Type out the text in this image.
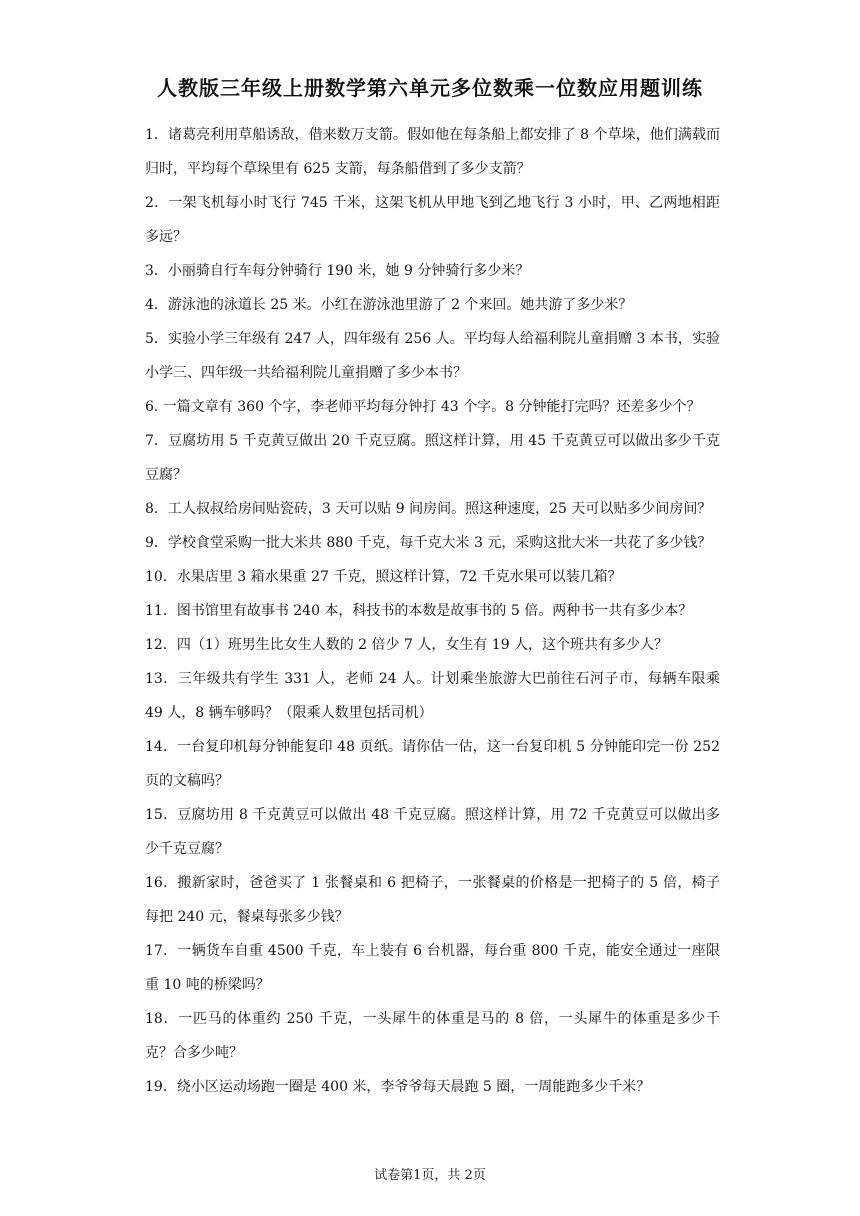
人教版三年级上册数学第六单元多位数乘一位数应用题训练

1．诸葛亮利用草船诱敌，借来数万支箭。假如他在每条船上都安排了 8 个草垛，他们满载而归时，平均每个草垛里有 625 支箭，每条船借到了多少支箭？

2．一架飞机每小时飞行 745 千米，这架飞机从甲地飞到乙地飞行 3 小时，甲、乙两地相距多远？

3．小丽骑自行车每分钟骑行 190 米，她 9 分钟骑行多少米？

4．游泳池的泳道长 25 米。小红在游泳池里游了 2 个来回。她共游了多少米？

5．实验小学三年级有 247 人，四年级有 256 人。平均每人给福利院儿童捐赠 3 本书，实验小学三、四年级一共给福利院儿童捐赠了多少本书？

6. 一篇文章有 360 个字，李老师平均每分钟打 43 个字。8 分钟能打完吗？还差多少个？

7．豆腐坊用 5 千克黄豆做出 20 千克豆腐。照这样计算，用 45 千克黄豆可以做出多少千克豆腐？

8．工人叔叔给房间贴瓷砖，3 天可以贴 9 间房间。照这种速度，25 天可以贴多少间房间？

9．学校食堂采购一批大米共 880 千克，每千克大米 3 元，采购这批大米一共花了多少钱？

10．水果店里 3 箱水果重 27 千克，照这样计算，72 千克水果可以装几箱？

11．图书馆里有故事书 240 本，科技书的本数是故事书的 5 倍。两种书一共有多少本？

12．四（1）班男生比女生人数的 2 倍少 7 人，女生有 19 人，这个班共有多少人？

13．三年级共有学生 331 人，老师 24 人。计划乘坐旅游大巴前往石河子市，每辆车限乘 49 人，8 辆车够吗？（限乘人数里包括司机）

14．一台复印机每分钟能复印 48 页纸。请你估一估，这一台复印机 5 分钟能印完一份 252 页的文稿吗？

15．豆腐坊用 8 千克黄豆可以做出 48 千克豆腐。照这样计算，用 72 千克黄豆可以做出多少千克豆腐？

16．搬新家时，爸爸买了 1 张餐桌和 6 把椅子，一张餐桌的价格是一把椅子的 5 倍，椅子每把 240 元，餐桌每张多少钱？

17．一辆货车自重 4500 千克，车上装有 6 台机器，每台重 800 千克，能安全通过一座限重 10 吨的桥梁吗？

18．一匹马的体重约 250 千克，一头犀牛的体重是马的 8 倍，一头犀牛的体重是多少千克？合多少吨？

19．绕小区运动场跑一圈是 400 米，李爷爷每天晨跑 5 圈，一周能跑多少千米？

试卷第1页，共 2页
